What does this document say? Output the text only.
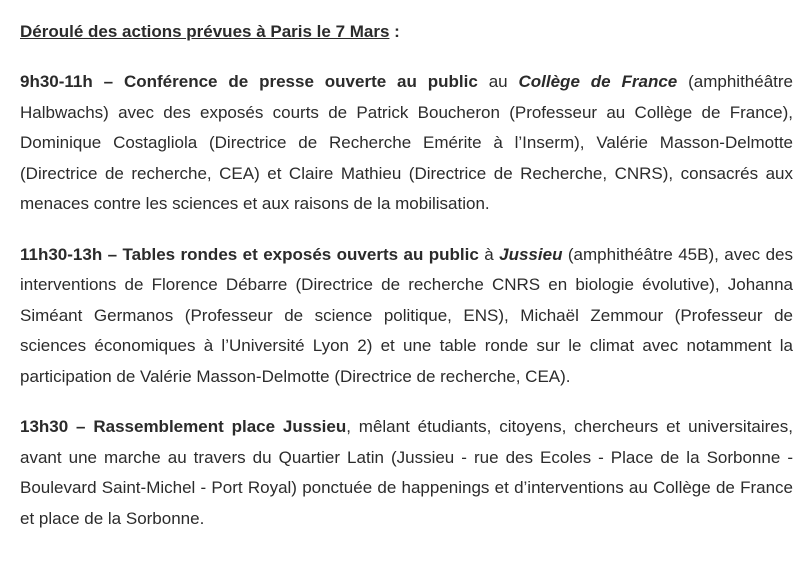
Déroulé des actions prévues à Paris le 7 Mars :

9h30-11h – Conférence de presse ouverte au public au Collège de France (amphithéâtre Halbwachs) avec des exposés courts de Patrick Boucheron (Professeur au Collège de France), Dominique Costagliola (Directrice de Recherche Emérite à l’Inserm), Valérie Masson-Delmotte (Directrice de recherche, CEA) et Claire Mathieu (Directrice de Recherche, CNRS), consacrés aux menaces contre les sciences et aux raisons de la mobilisation.

11h30-13h – Tables rondes et exposés ouverts au public à Jussieu (amphithéâtre 45B), avec des interventions de Florence Débarre (Directrice de recherche CNRS en biologie évolutive), Johanna Siméant Germanos (Professeur de science politique, ENS), Michaël Zemmour (Professeur de sciences économiques à l’Université Lyon 2) et une table ronde sur le climat avec notamment la participation de Valérie Masson-Delmotte (Directrice de recherche, CEA).

13h30 – Rassemblement place Jussieu, mêlant étudiants, citoyens, chercheurs et universitaires, avant une marche au travers du Quartier Latin (Jussieu - rue des Ecoles - Place de la Sorbonne - Boulevard Saint-Michel - Port Royal) ponctuée de happenings et d’interventions au Collège de France et place de la Sorbonne.
